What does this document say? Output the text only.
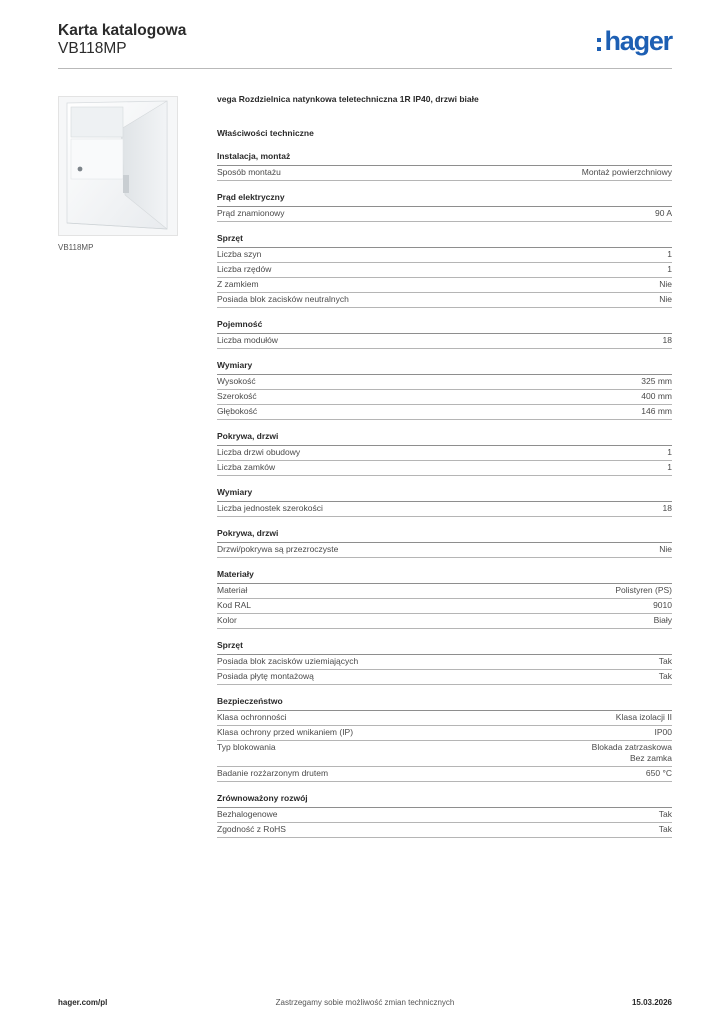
Karta katalogowa
VB118MP	hager
VB118MP
vega Rozdzielnica natynkowa teletechniczna 1R IP40, drzwi białe
Właściwości techniczne
Instalacja, montaż
Sposób montażu	Montaż powierzchniowy
Prąd elektryczny
Prąd znamionowy	90 A
Sprzęt
Liczba szyn	1
Liczba rzędów	1
Z zamkiem	Nie
Posiada blok zacisków neutralnych	Nie
Pojemność
Liczba modułów	18
Wymiary
Wysokość	325 mm
Szerokość	400 mm
Głębokość	146 mm
Pokrywa, drzwi
Liczba drzwi obudowy	1
Liczba zamków	1
Wymiary
Liczba jednostek szerokości	18
Pokrywa, drzwi
Drzwi/pokrywa są przezroczyste	Nie
Materiały
Materiał	Polistyren (PS)
Kod RAL	9010
Kolor	Biały
Sprzęt
Posiada blok zacisków uziemiających	Tak
Posiada płytę montażową	Tak
Bezpieczeństwo
Klasa ochronności	Klasa izolacji II
Klasa ochrony przed wnikaniem (IP)	IP00
Typ blokowania	Blokada zatrzaskowa
Bez zamka
Badanie rozżarzonym drutem	650 °C
Zrównoważony rozwój
Bezhalogenowe	Tak
Zgodność z RoHS	Tak
hager.com/pl	Zastrzegamy sobie możliwość zmian technicznych	15.03.2026
